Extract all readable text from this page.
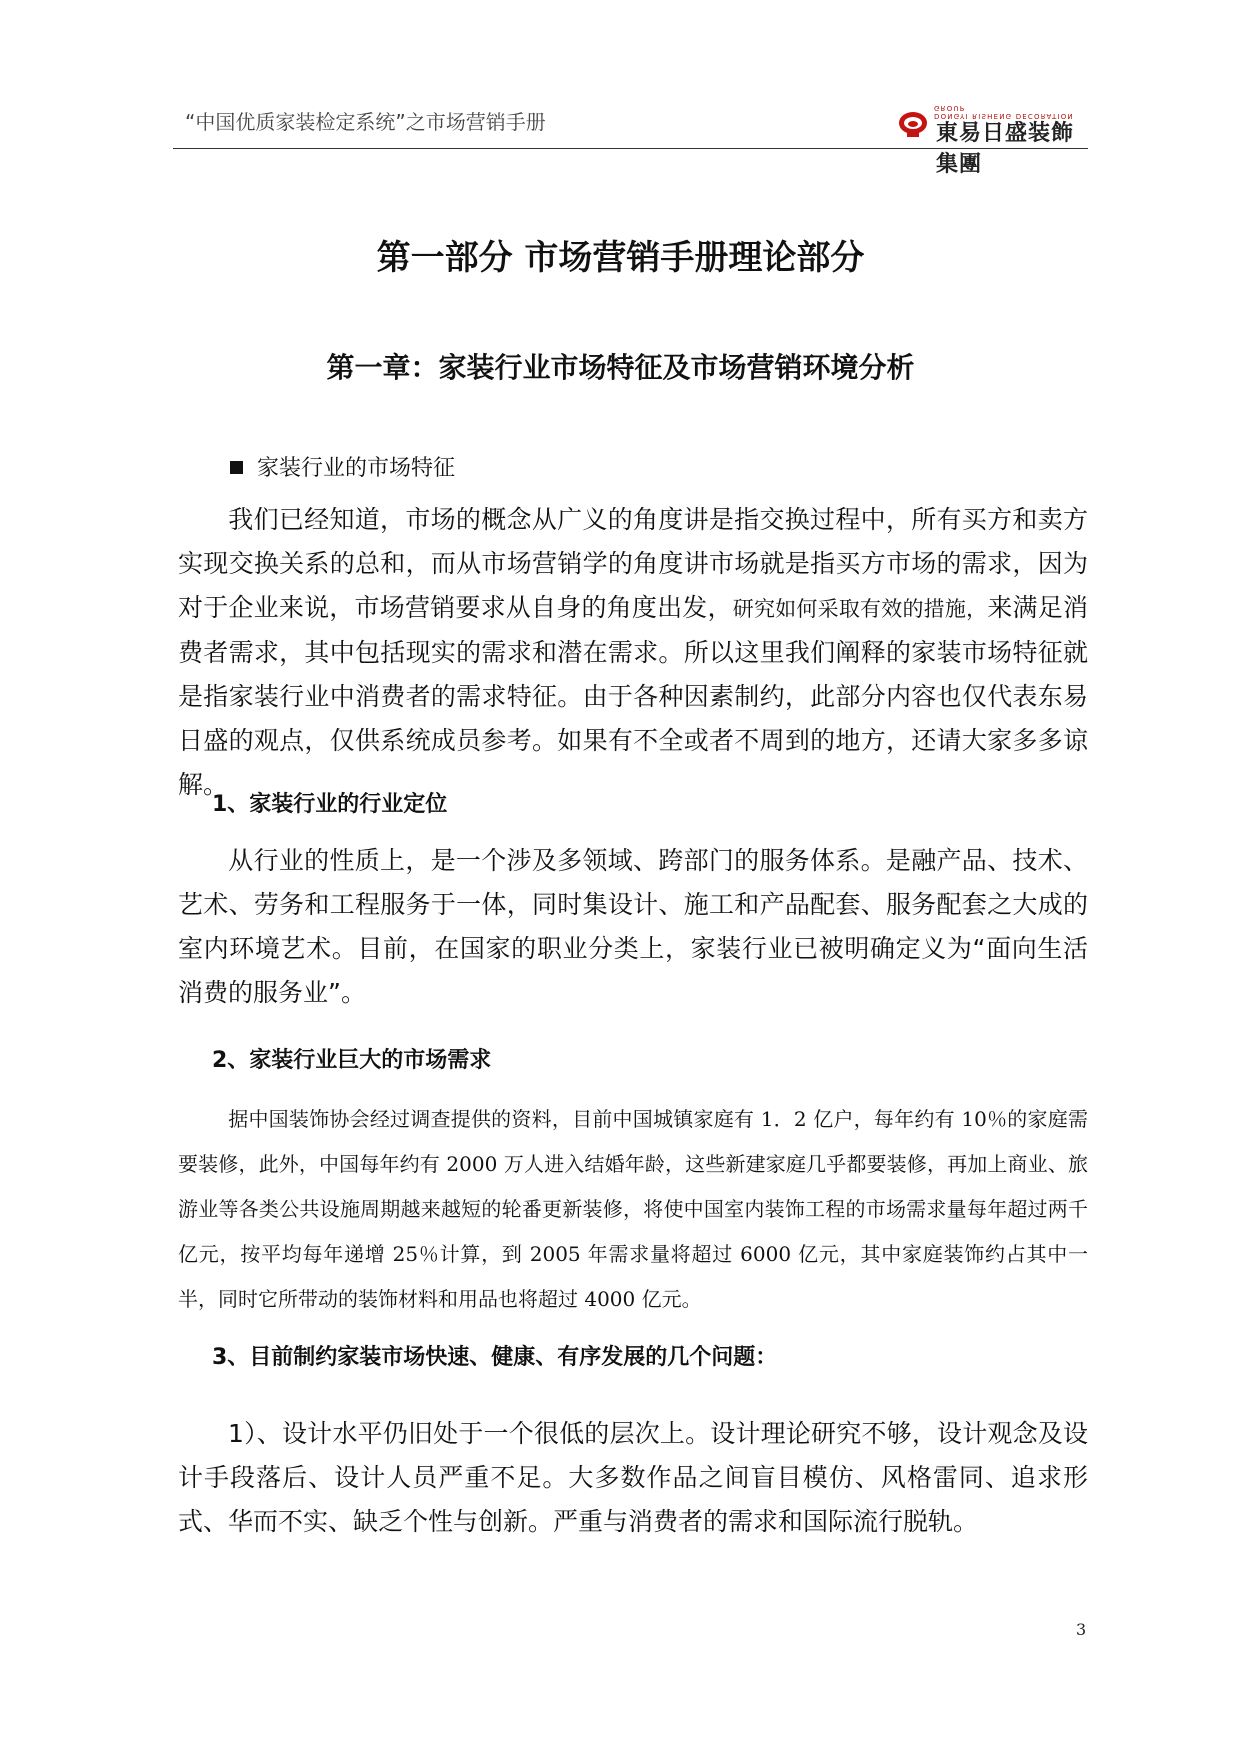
“中国优质家装检定系统”之市场营销手册	DONGYI RISHENG DECORATION GROUP
東易日盛装飾集團
第一部分 市场营销手册理论部分
第一章：家装行业市场特征及市场营销环境分析
家装行业的市场特征

我们已经知道，市场的概念从广义的角度讲是指交换过程中，所有买方和卖方实现交换关系的总和，而从市场营销学的角度讲市场就是指买方市场的需求，因为对于企业来说，市场营销要求从自身的角度出发，研究如何采取有效的措施，来满足消费者需求，其中包括现实的需求和潜在需求。所以这里我们阐释的家装市场特征就是指家装行业中消费者的需求特征。由于各种因素制约，此部分内容也仅代表东易日盛的观点，仅供系统成员参考。如果有不全或者不周到的地方，还请大家多多谅解。

1、家装行业的行业定位

从行业的性质上，是一个涉及多领域、跨部门的服务体系。是融产品、技术、艺术、劳务和工程服务于一体，同时集设计、施工和产品配套、服务配套之大成的室内环境艺术。目前，在国家的职业分类上，家装行业已被明确定义为“面向生活消费的服务业”。

2、家装行业巨大的市场需求

据中国装饰协会经过调查提供的资料，目前中国城镇家庭有 1．2 亿户，每年约有 10％的家庭需要装修，此外，中国每年约有 2000 万人进入结婚年龄，这些新建家庭几乎都要装修，再加上商业、旅游业等各类公共设施周期越来越短的轮番更新装修，将使中国室内装饰工程的市场需求量每年超过两千亿元，按平均每年递增 25％计算，到 2005 年需求量将超过 6000 亿元，其中家庭装饰约占其中一半，同时它所带动的装饰材料和用品也将超过 4000 亿元。

3、目前制约家装市场快速、健康、有序发展的几个问题：

1）、设计水平仍旧处于一个很低的层次上。设计理论研究不够，设计观念及设计手段落后、设计人员严重不足。大多数作品之间盲目模仿、风格雷同、追求形式、华而不实、缺乏个性与创新。严重与消费者的需求和国际流行脱轨。

3
